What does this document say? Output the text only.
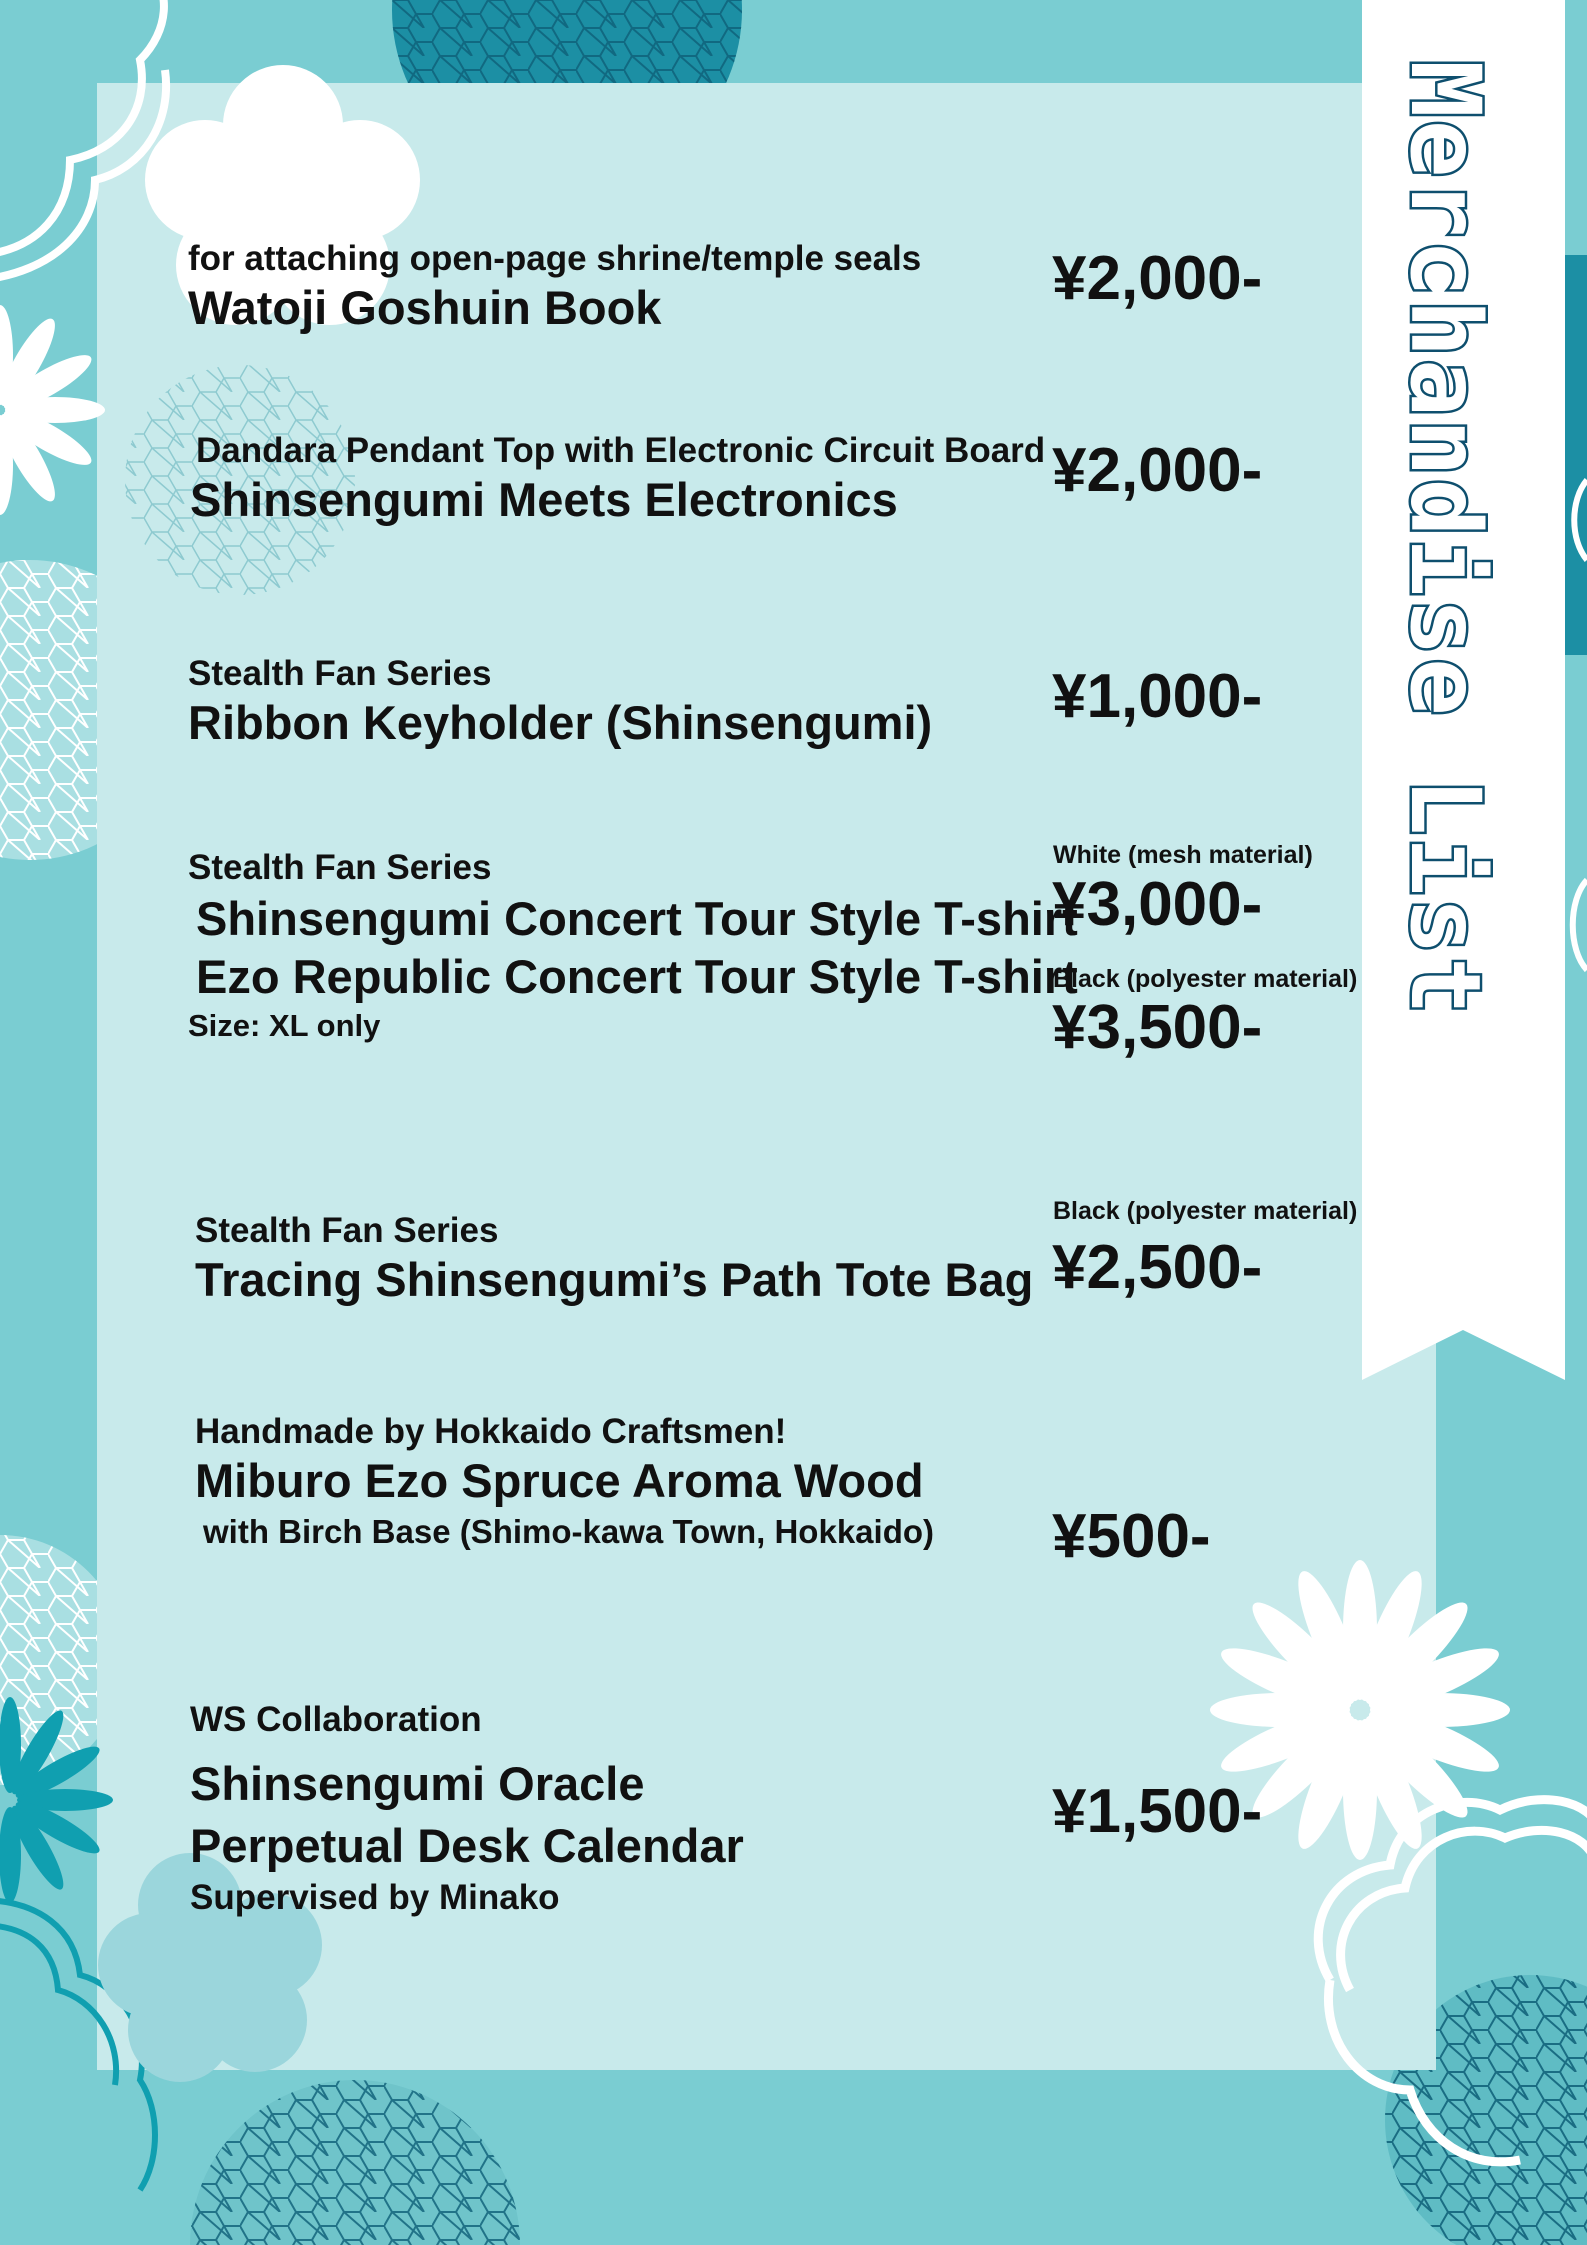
Merchandise List
for attaching open-page shrine/temple seals
Watoji Goshuin Book	¥2,000-
Dandara Pendant Top with Electronic Circuit Board
Shinsengumi Meets Electronics	¥2,000-
Stealth Fan Series
Ribbon Keyholder (Shinsengumi) ¥1,000-
Stealth Fan Series
Shinsengumi Concert Tour Style T-shirt
Ezo Republic Concert Tour Style T-shirt
Size: XL only
White (mesh material)
¥3,000-
Black (polyester material)
¥3,500-
Stealth Fan Series
Tracing Shinsengumi’s Path Tote Bag
Black (polyester material)
¥2,500-
Handmade by Hokkaido Craftsmen!
Miburo Ezo Spruce Aroma Wood
with Birch Base (Shimo-kawa Town, Hokkaido) ¥500-
WS Collaboration
Shinsengumi Oracle
Perpetual Desk Calendar
Supervised by Minako
¥1,500-
